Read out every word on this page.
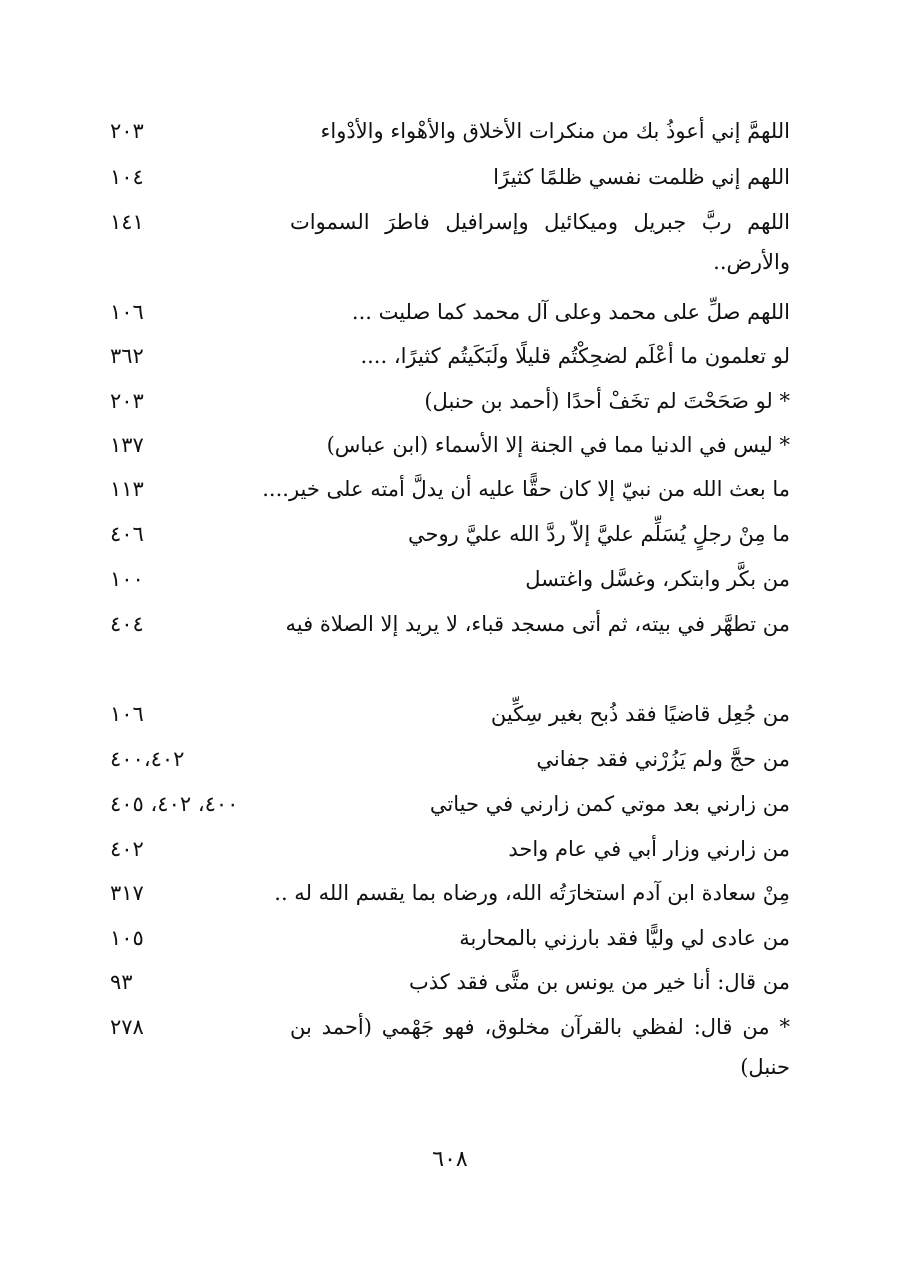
اللهمَّ إني أعوذُ بك من منكرات الأخلاق والأهْواء والأدْواء
٢٠٣
اللهم إني ظلمت نفسي ظلمًا كثيرًا
١٠٤
اللهم ربَّ جبريل وميكائيل وإسرافيل فاطرَ السموات والأرض..
١٤١
اللهم صلِّ على محمد وعلى آل محمد كما صليت ...
١٠٦
لو تعلمون ما أعْلَم لضحِكْتُم قليلًا ولَبَكَيتُم كثيرًا، ....
٣٦٢
* لو صَحَحْتَ لم تخَفْ أحدًا (أحمد بن حنبل)
٢٠٣
* ليس في الدنيا مما في الجنة إلا الأسماء (ابن عباس)
١٣٧
ما بعث الله من نبيّ إلا كان حقًّا عليه أن يدلَّ أمته على خير....
١١٣
ما مِنْ رجلٍ يُسَلِّم عليَّ إلاّ ردَّ الله عليَّ روحي
٤٠٦
من بكَّر وابتكر، وغسَّل واغتسل
١٠٠
من تطهَّر في بيته، ثم أتى مسجد قباء، لا يريد إلا الصلاة فيه
٤٠٤
من جُعِل قاضيًا فقد ذُبح بغير سِكِّين
١٠٦
من حجَّ ولم يَزُرْني فقد جفاني
٤٠٠،٤٠٢
من زارني بعد موتي كمن زارني في حياتي
٤٠٠، ٤٠٢، ٤٠٥
من زارني وزار أبي في عام واحد
٤٠٢
مِنْ سعادة ابن آدم استخارَتُه الله، ورضاه بما يقسم الله له ..
٣١٧
من عادى لي وليًّا فقد بارزني بالمحاربة
١٠٥
من قال: أنا خير من يونس بن متَّى فقد كذب
٩٣
* من قال: لفظي بالقرآن مخلوق، فهو جَهْمي (أحمد بن حنبل)
٢٧٨
٦٠٨
